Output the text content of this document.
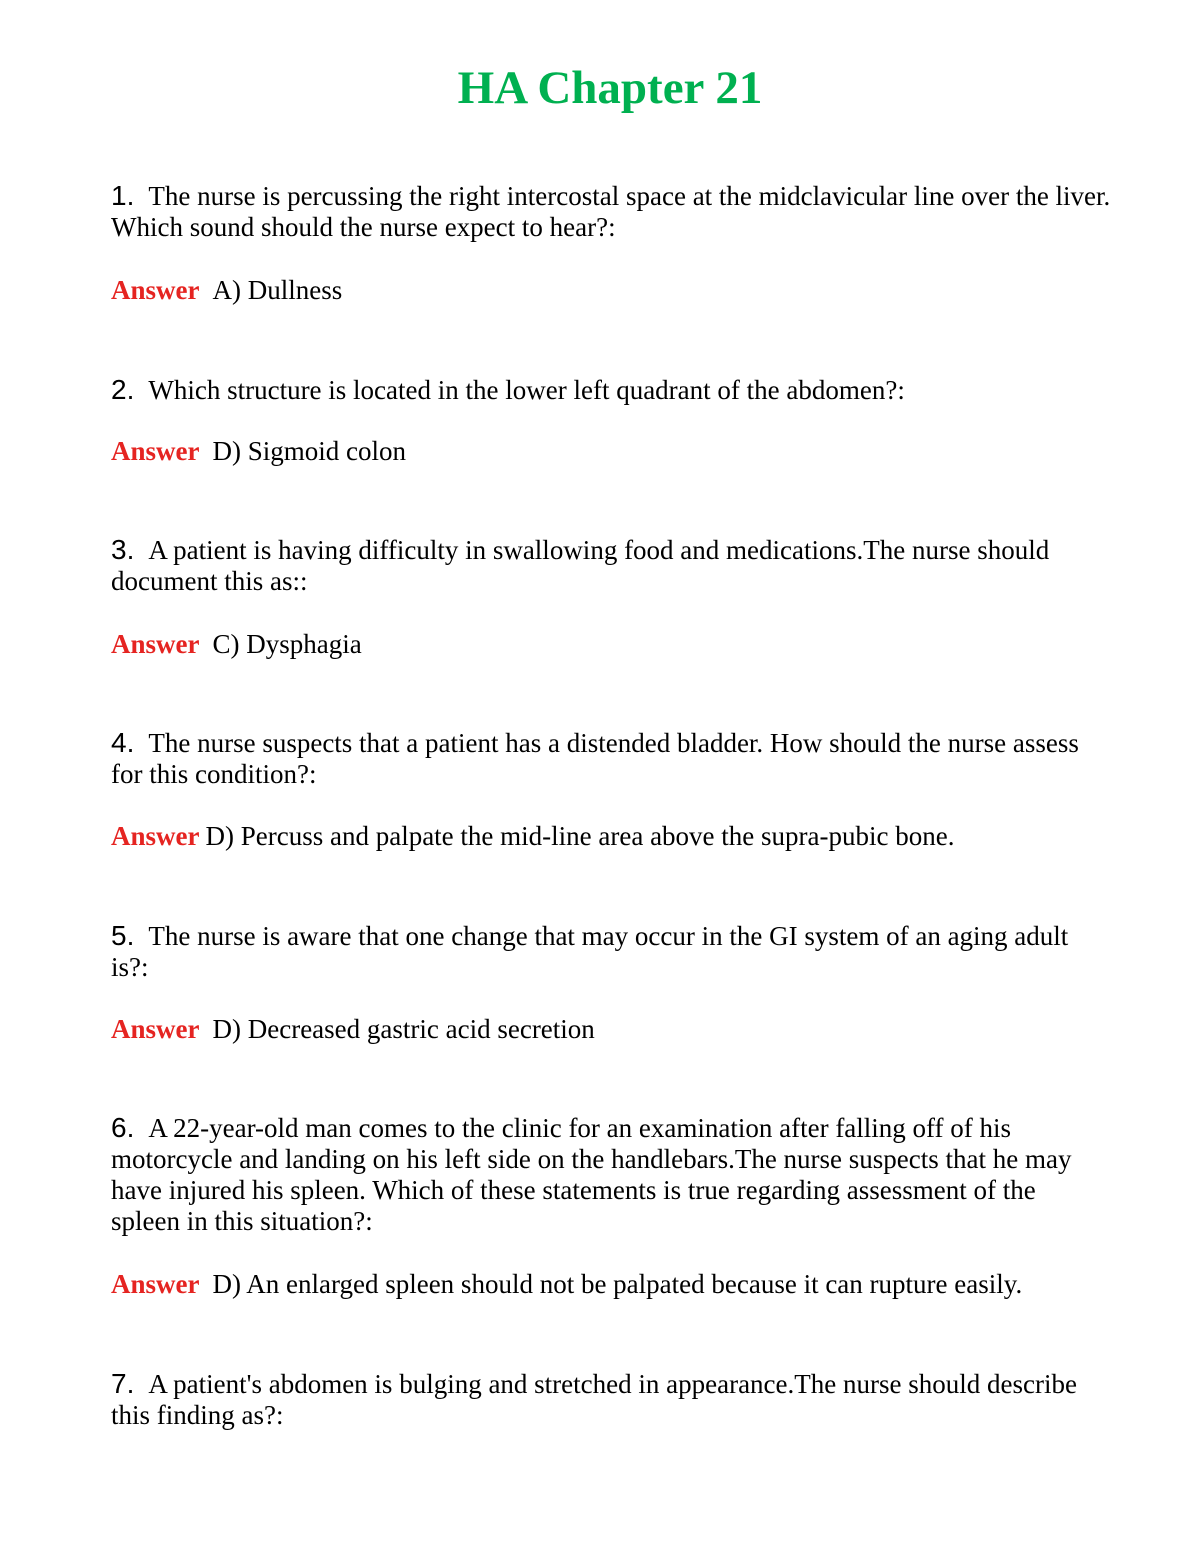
HA Chapter 21

1. The nurse is percussing the right intercostal space at the midclavicular line over the liver. Which sound should the nurse expect to hear?:

Answer A) Dullness

2. Which structure is located in the lower left quadrant of the abdomen?:

Answer D) Sigmoid colon

3. A patient is having difficulty in swallowing food and medications.The nurse should document this as::

Answer C) Dysphagia

4. The nurse suspects that a patient has a distended bladder. How should the nurse assess for this condition?:

Answer D) Percuss and palpate the mid-line area above the supra-pubic bone.

5. The nurse is aware that one change that may occur in the GI system of an aging adult is?:

Answer D) Decreased gastric acid secretion

6. A 22-year-old man comes to the clinic for an examination after falling off of his motorcycle and landing on his left side on the handlebars.The nurse suspects that he may have injured his spleen. Which of these statements is true regarding assessment of the spleen in this situation?:

Answer D) An enlarged spleen should not be palpated because it can rupture easily.

7. A patient's abdomen is bulging and stretched in appearance.The nurse should describe this finding as?:
